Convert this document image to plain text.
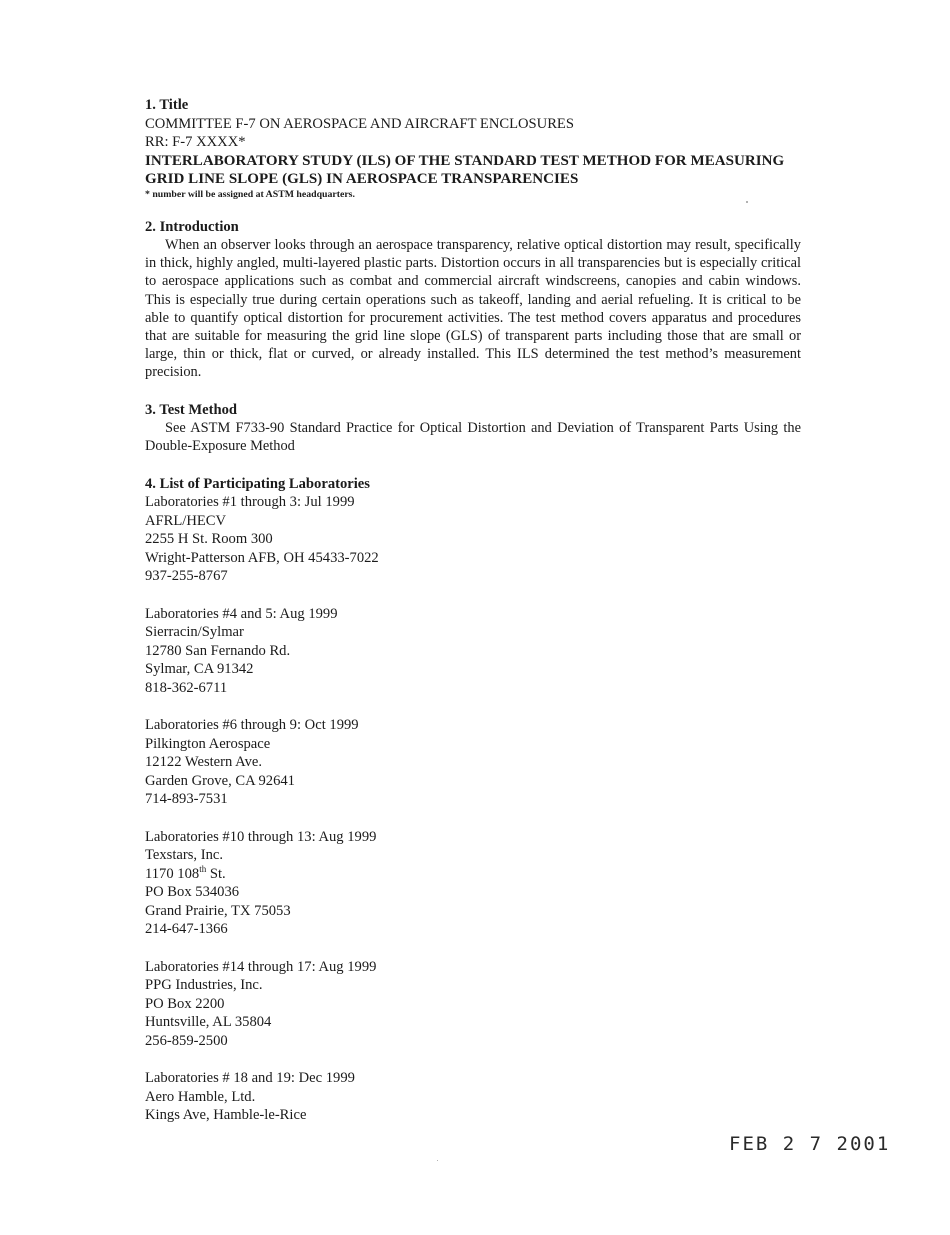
1. Title
COMMITTEE F-7 ON AEROSPACE AND AIRCRAFT ENCLOSURES
RR: F-7 XXXX*
INTERLABORATORY STUDY (ILS) OF THE STANDARD TEST METHOD FOR MEASURING
GRID LINE SLOPE (GLS) IN AEROSPACE TRANSPARENCIES
* number will be assigned at ASTM headquarters.
2. Introduction
When an observer looks through an aerospace transparency, relative optical distortion may result, specifically in thick, highly angled, multi-layered plastic parts. Distortion occurs in all transparencies but is especially critical to aerospace applications such as combat and commercial aircraft windscreens, canopies and cabin windows. This is especially true during certain operations such as takeoff, landing and aerial refueling. It is critical to be able to quantify optical distortion for procurement activities. The test method covers apparatus and procedures that are suitable for measuring the grid line slope (GLS) of transparent parts including those that are small or large, thin or thick, flat or curved, or already installed. This ILS determined the test method’s measurement precision.
3. Test Method
See ASTM F733-90 Standard Practice for Optical Distortion and Deviation of Transparent Parts Using the Double-Exposure Method
4. List of Participating Laboratories
Laboratories #1 through 3: Jul 1999
AFRL/HECV
2255 H St. Room 300
Wright-Patterson AFB, OH 45433-7022
937-255-8767
Laboratories #4 and 5: Aug 1999
Sierracin/Sylmar
12780 San Fernando Rd.
Sylmar, CA 91342
818-362-6711
Laboratories #6 through 9: Oct 1999
Pilkington Aerospace
12122 Western Ave.
Garden Grove, CA 92641
714-893-7531
Laboratories #10 through 13: Aug 1999
Texstars, Inc.
1170 108th St.
PO Box 534036
Grand Prairie, TX 75053
214-647-1366
Laboratories #14 through 17: Aug 1999
PPG Industries, Inc.
PO Box 2200
Huntsville, AL 35804
256-859-2500
Laboratories # 18 and 19: Dec 1999
Aero Hamble, Ltd.
Kings Ave, Hamble-le-Rice
FEB 2 7 2001
